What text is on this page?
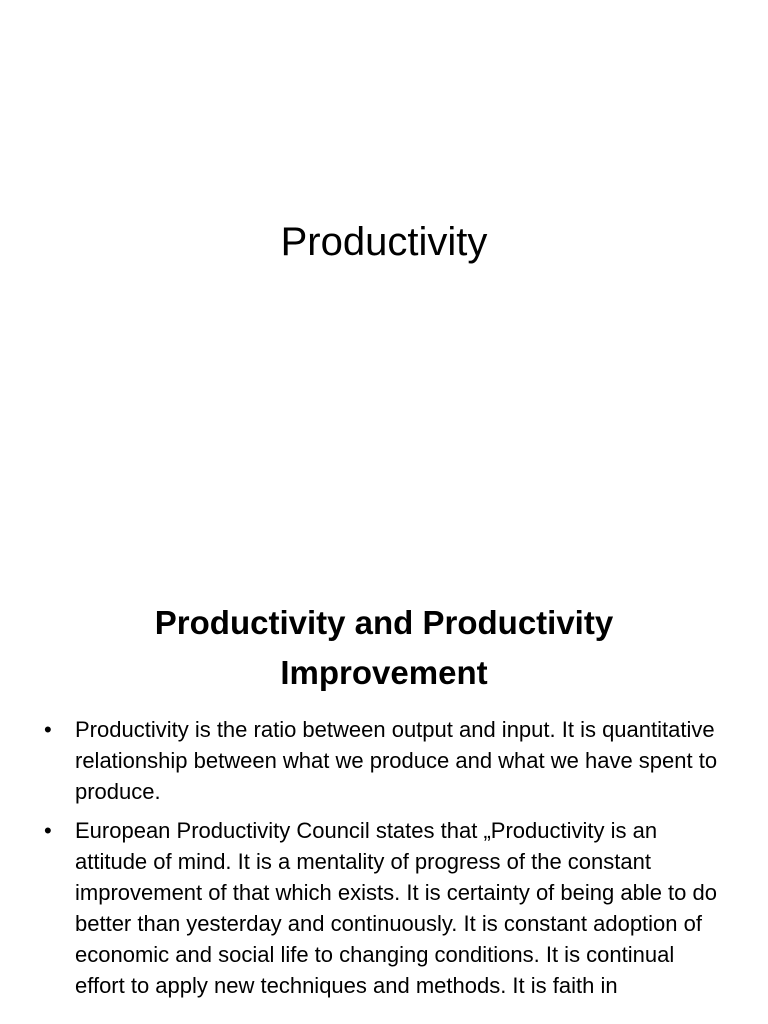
Productivity
Productivity and Productivity
Improvement
• Productivity is the ratio between output and input. It is quantitative relationship between what we produce and what we have spent to produce.
• European Productivity Council states that „Productivity is an attitude of mind. It is a mentality of progress of the constant improvement of that which exists. It is certainty of being able to do better than yesterday and continuously. It is constant adoption of economic and social life to changing conditions. It is continual effort to apply new techniques and methods. It is faith in
